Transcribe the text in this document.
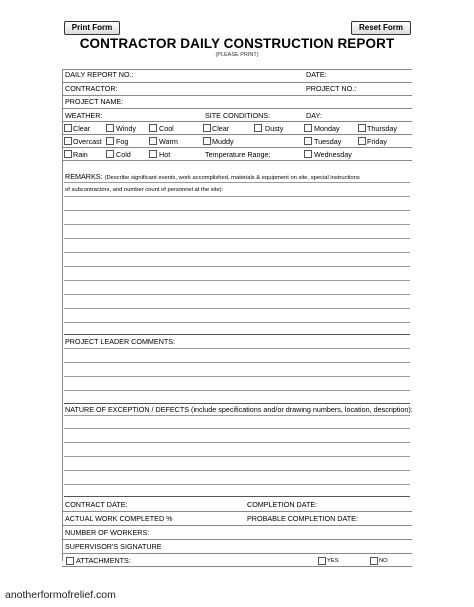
Print Form	Reset Form
CONTRACTOR DAILY CONSTRUCTION REPORT
(PLEASE PRINT)
DAILY REPORT NO.:	DATE:
CONTRACTOR:	PROJECT NO.:
PROJECT NAME:
WEATHER:	SITE CONDITIONS:	DAY:
Clear	Windy	Cool	Clear	Dusty	Monday	Thursday
Overcast Fog	Warm	Muddy	Tuesday	Friday
Rain	Cold	Hot	Temperature Range:	Wednesday
REMARKS: (Describe significant events, work accomplished, materials & equipment on site, special instructions
of subcontractors, and number count of personnel at the site):
PROJECT LEADER COMMENTS:
NATURE OF EXCEPTION / DEFECTS (include specifications and/or drawing numbers, location, description):
CONTRACT DATE:	COMPLETION DATE:
ACTUAL WORK COMPLETED %	PROBABLE COMPLETION DATE:
NUMBER OF WORKERS:
SUPERVISOR'S SIGNATURE
ATTACHMENTS:	YES	NO
anotherformofrelief.com
